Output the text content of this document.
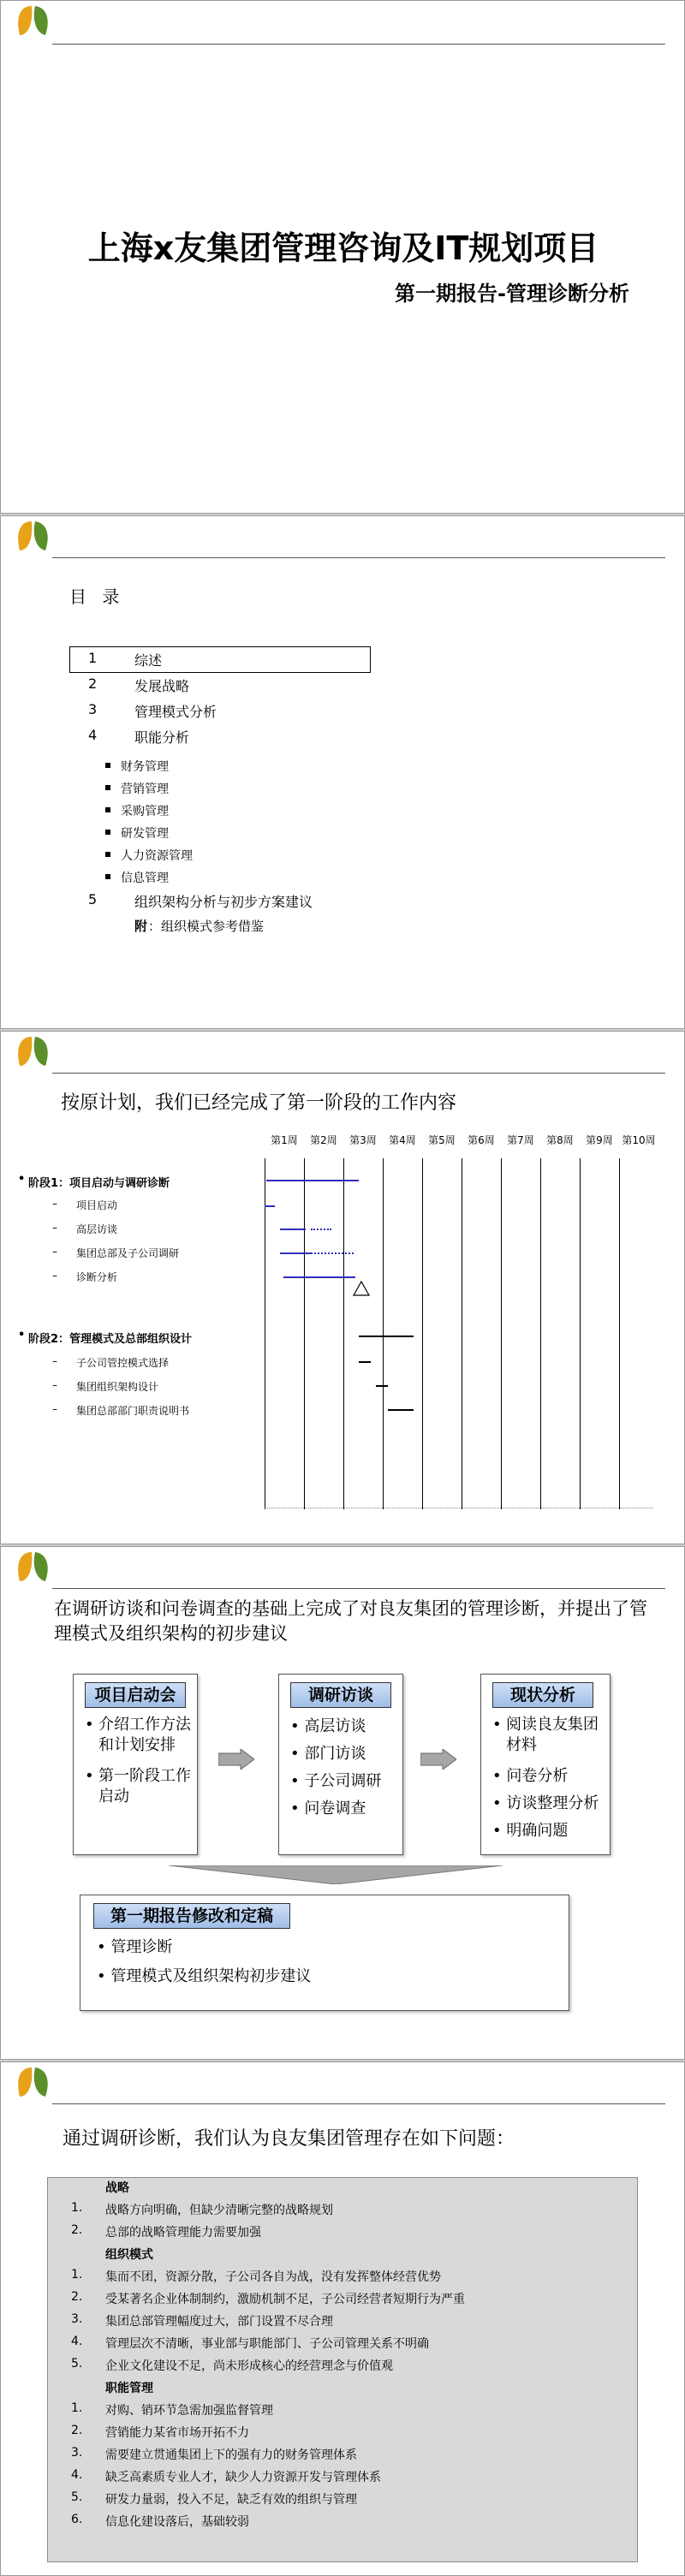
上海x友集团管理咨询及IT规划项目
第一期报告-管理诊断分析
目 录
1	综述
2	发展战略
3	管理模式分析
4	职能分析
财务管理
营销管理
采购管理
研发管理
人力资源管理
信息管理
5	组织架构分析与初步方案建议
附 ：组织模式参考借鉴
按原计划，我们已经完成了第一阶段的工作内容
第1周	第2周	第3周	第4周	第5周	第6周	第7周	第8周	第9周 第10周
• 阶段1：项目启动与调研诊断
– 项目启动
– 高层访谈
– 集团总部及子公司调研
– 诊断分析
• 阶段2：管理模式及总部组织设计
– 子公司管控模式选择
– 集团组织架构设计
– 集团总部部门职责说明书
在调研访谈和问卷调查的基础上完成了对良友集团的管理诊断，并提出了管理模式及组织架构的初步建议
项目启动会
• 介绍工作方法和计划安排
• 第一阶段工作启动
调研访谈
• 高层访谈
• 部门访谈
• 子公司调研
• 问卷调查
现状分析
• 阅读良友集团材料
• 问卷分析
• 访谈整理分析
• 明确问题
第一期报告修改和定稿
• 管理诊断
• 管理模式及组织架构初步建议
通过调研诊断，我们认为良友集团管理存在如下问题：
战略
1. 战略方向明确，但缺少清晰完整的战略规划
2. 总部的战略管理能力需要加强
组织模式
1. 集而不团，资源分散，子公司各自为战，没有发挥整体经营优势
2. 受某著名企业体制制约，激励机制不足，子公司经营者短期行为严重
3. 集团总部管理幅度过大，部门设置不尽合理
4. 管理层次不清晰，事业部与职能部门、子公司管理关系不明确
5. 企业文化建设不足，尚未形成核心的经营理念与价值观
职能管理
1. 对购、销环节急需加强监督管理
2. 营销能力某省市场开拓不力
3. 需要建立贯通集团上下的强有力的财务管理体系
4. 缺乏高素质专业人才，缺少人力资源开发与管理体系
5. 研发力量弱，投入不足，缺乏有效的组织与管理
6. 信息化建设落后，基础较弱
